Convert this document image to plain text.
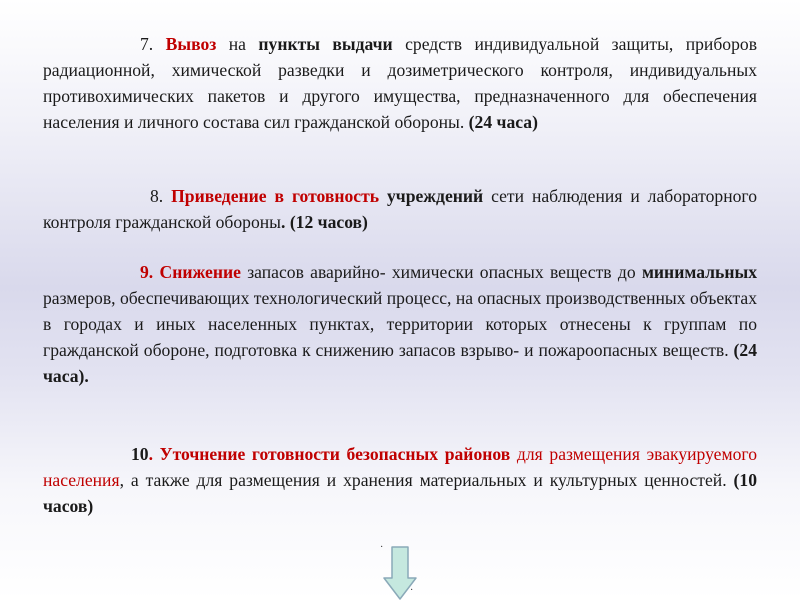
7. Вывоз на пункты выдачи средств индивидуальной защиты, приборов радиационной, химической разведки и дозиметрического контроля, индивидуальных противохимических пакетов и другого имущества, предназначенного для обеспечения населения и личного состава сил гражданской обороны. (24 часа)

8. Приведение в готовность учреждений сети наблюдения и лабораторного контроля гражданской обороны. (12 часов)

9. Снижение запасов аварийно- химически опасных веществ до минимальных размеров, обеспечивающих технологический процесс, на опасных производственных объектах в городах и иных населенных пунктах, территории которых отнесены к группам по гражданской обороне, подготовка к снижению запасов взрыво- и пожароопасных веществ. (24 часа).

10. Уточнение готовности безопасных районов для размещения эвакуируемого населения, а также для размещения и хранения материальных и культурных ценностей. (10 часов)

·
·
